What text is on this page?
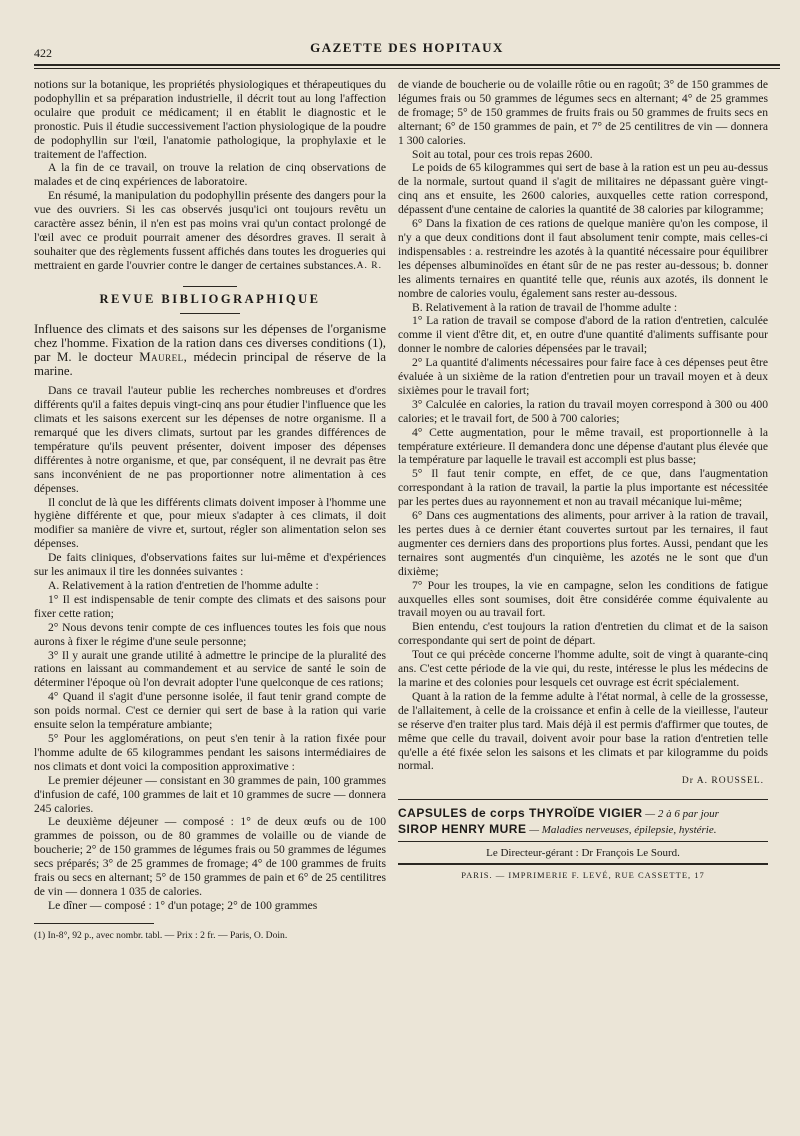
422	GAZETTE DES HOPITAUX

notions sur la botanique, les propriétés physiologiques et thérapeutiques du podophyllin et sa préparation industrielle, il décrit tout au long l'affection oculaire que produit ce médicament; il en établit le diagnostic et le pronostic. Puis il étudie successivement l'action physiologique de la poudre de podophyllin sur l'œil, l'anatomie pathologique, la prophylaxie et le traitement de l'affection.

A la fin de ce travail, on trouve la relation de cinq observations de malades et de cinq expériences de laboratoire.

En résumé, la manipulation du podophyllin présente des dangers pour la vue des ouvriers. Si les cas observés jusqu'ici ont toujours revêtu un caractère assez bénin, il n'en est pas moins vrai qu'un contact prolongé de l'œil avec ce produit pourrait amener des désordres graves. Il serait à souhaiter que des règlements fussent affichés dans toutes les drogueries qui mettraient en garde l'ouvrier contre le danger de certaines substances. A. R.
REVUE BIBLIOGRAPHIQUE

Influence des climats et des saisons sur les dépenses de l'organisme chez l'homme. Fixation de la ration dans ces diverses conditions (1), par M. le docteur Maurel, médecin principal de réserve de la marine.

Dans ce travail l'auteur publie les recherches nombreuses et d'ordres différents qu'il a faites depuis vingt-cinq ans pour étudier l'influence que les climats et les saisons exercent sur les dépenses de notre organisme. Il a remarqué que les divers climats, surtout par les grandes différences de température qu'ils peuvent présenter, doivent imposer des dépenses différentes à notre organisme, et que, par conséquent, il ne devrait pas être sans inconvénient de ne pas proportionner notre alimentation à ces dépenses.

Il conclut de là que les différents climats doivent imposer à l'homme une hygiène différente et que, pour mieux s'adapter à ces climats, il doit modifier sa manière de vivre et, surtout, régler son alimentation selon ses dépenses.

De faits cliniques, d'observations faites sur lui-même et d'expériences sur les animaux il tire les données suivantes :

A. Relativement à la ration d'entretien de l'homme adulte :

1° Il est indispensable de tenir compte des climats et des saisons pour fixer cette ration;

2° Nous devons tenir compte de ces influences toutes les fois que nous aurons à fixer le régime d'une seule personne;

3° Il y aurait une grande utilité à admettre le principe de la pluralité des rations en laissant au commandement et au service de santé le soin de déterminer l'époque où l'on devrait adopter l'une quelconque de ces rations;

4° Quand il s'agit d'une personne isolée, il faut tenir grand compte de son poids normal. C'est ce dernier qui sert de base à la ration qui varie ensuite selon la température ambiante;

5° Pour les agglomérations, on peut s'en tenir à la ration fixée pour l'homme adulte de 65 kilogrammes pendant les saisons intermédiaires de nos climats et dont voici la composition approximative :

Le premier déjeuner — consistant en 30 grammes de pain, 100 grammes d'infusion de café, 100 grammes de lait et 10 grammes de sucre — donnera 245 calories.

Le deuxième déjeuner — composé : 1° de deux œufs ou de 100 grammes de poisson, ou de 80 grammes de volaille ou de viande de boucherie; 2° de 150 grammes de légumes frais ou 50 grammes de légumes secs préparés; 3° de 25 grammes de fromage; 4° de 100 grammes de fruits frais ou secs en alternant; 5° de 150 grammes de pain et 6° de 25 centilitres de vin — donnera 1 035 de calories.

Le dîner — composé : 1° d'un potage; 2° de 100 grammes

(1) In-8°, 92 p., avec nombr. tabl. — Prix : 2 fr. — Paris, O. Doin.

de viande de boucherie ou de volaille rôtie ou en ragoût; 3° de 150 grammes de légumes frais ou 50 grammes de légumes secs en alternant; 4° de 25 grammes de fromage; 5° de 150 grammes de fruits frais ou 50 grammes de fruits secs en alternant; 6° de 150 grammes de pain, et 7° de 25 centilitres de vin — donnera 1 300 calories.

Soit au total, pour ces trois repas 2600.

Le poids de 65 kilogrammes qui sert de base à la ration est un peu au-dessus de la normale, surtout quand il s'agit de militaires ne dépassant guère vingt-cinq ans et ensuite, les 2600 calories, auxquelles cette ration correspond, dépassent d'une centaine de calories la quantité de 38 calories par kilogramme;

6° Dans la fixation de ces rations de quelque manière qu'on les compose, il n'y a que deux conditions dont il faut absolument tenir compte, mais celles-ci indispensables : a. restreindre les azotés à la quantité nécessaire pour équilibrer les dépenses albuminoïdes en étant sûr de ne pas rester au-dessous; b. donner les aliments ternaires en quantité telle que, réunis aux azotés, ils donnent le nombre de calories voulu, également sans rester au-dessous.

B. Relativement à la ration de travail de l'homme adulte :

1° La ration de travail se compose d'abord de la ration d'entretien, calculée comme il vient d'être dit, et, en outre d'une quantité d'aliments suffisante pour donner le nombre de calories dépensées par le travail;

2° La quantité d'aliments nécessaires pour faire face à ces dépenses peut être évaluée à un sixième de la ration d'entretien pour un travail moyen et à deux sixièmes pour le travail fort;

3° Calculée en calories, la ration du travail moyen correspond à 300 ou 400 calories; et le travail fort, de 500 à 700 calories;

4° Cette augmentation, pour le même travail, est proportionnelle à la température extérieure. Il demandera donc une dépense d'autant plus élevée que la température par laquelle le travail est accompli est plus basse;

5° Il faut tenir compte, en effet, de ce que, dans l'augmentation correspondant à la ration de travail, la partie la plus importante est nécessitée par les pertes dues au rayonnement et non au travail mécanique lui-même;

6° Dans ces augmentations des aliments, pour arriver à la ration de travail, les pertes dues à ce dernier étant couvertes surtout par les ternaires, il faut augmenter ces derniers dans des proportions plus fortes. Aussi, pendant que les ternaires sont augmentés d'un cinquième, les azotés ne le sont que d'un dixième;

7° Pour les troupes, la vie en campagne, selon les conditions de fatigue auxquelles elles sont soumises, doit être considérée comme équivalente au travail moyen ou au travail fort.

Bien entendu, c'est toujours la ration d'entretien du climat et de la saison correspondante qui sert de point de départ.

Tout ce qui précède concerne l'homme adulte, soit de vingt à quarante-cinq ans. C'est cette période de la vie qui, du reste, intéresse le plus les médecins de la marine et des colonies pour lesquels cet ouvrage est écrit spécialement.

Quant à la ration de la femme adulte à l'état normal, à celle de la grossesse, de l'allaitement, à celle de la croissance et enfin à celle de la vieillesse, l'auteur se réserve d'en traiter plus tard. Mais déjà il est permis d'affirmer que toutes, de même que celle du travail, doivent avoir pour base la ration d'entretien telle qu'elle a été fixée selon les saisons et les climats et par kilogramme du poids normal.

Dr A. ROUSSEL.

CAPSULES de corps THYROÏDE VIGIER — 2 à 6 par jour

SIROP HENRY MURE — Maladies nerveuses, épilepsie, hystérie.

Le Directeur-gérant : Dr François Le Sourd.

PARIS. — IMPRIMERIE F. LEVÉ, RUE CASSETTE, 17
